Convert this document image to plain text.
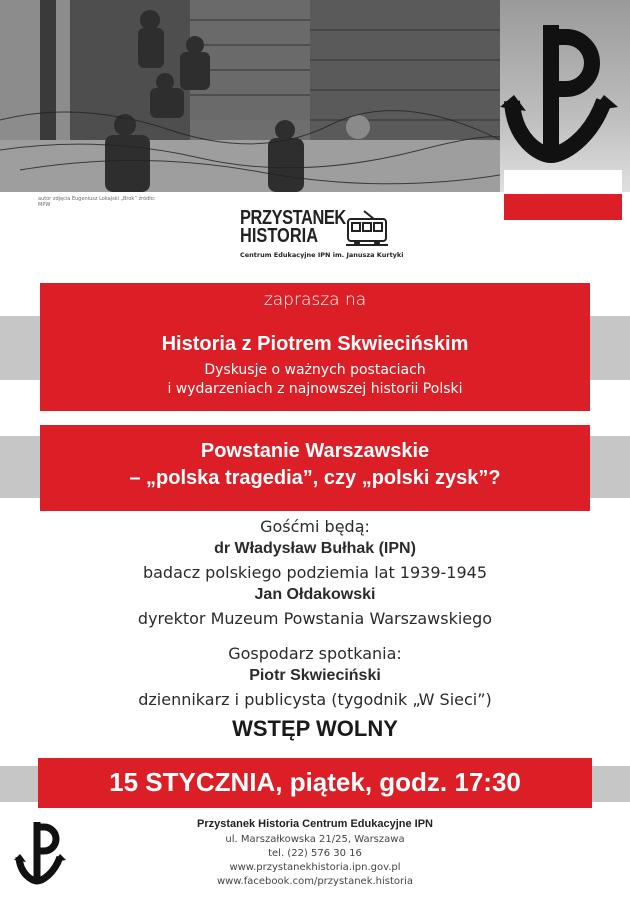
autor zdjęcia Eugeniusz Lokajski „Brok” źródło: MPW
PRZYSTANEK
HISTORIA
Centrum Edukacyjne IPN im. Janusza Kurtyki
zaprasza na
Historia z Piotrem Skwiecińskim
Dyskusje o ważnych postaciach
i wydarzeniach z najnowszej historii Polski
Powstanie Warszawskie
– „polska tragedia”, czy „polski zysk”?
Gośćmi będą:
dr Władysław Bułhak (IPN)
badacz polskiego podziemia lat 1939-1945
Jan Ołdakowski
dyrektor Muzeum Powstania Warszawskiego
Gospodarz spotkania:
Piotr Skwieciński
dziennikarz i publicysta (tygodnik „W Sieci”)
WSTĘP WOLNY
15 STYCZNIA, piątek, godz. 17:30
Przystanek Historia Centrum Edukacyjne IPN
ul. Marszałkowska 21/25, Warszawa
tel. (22) 576 30 16
www.przystanekhistoria.ipn.gov.pl
www.facebook.com/przystanek.historia
